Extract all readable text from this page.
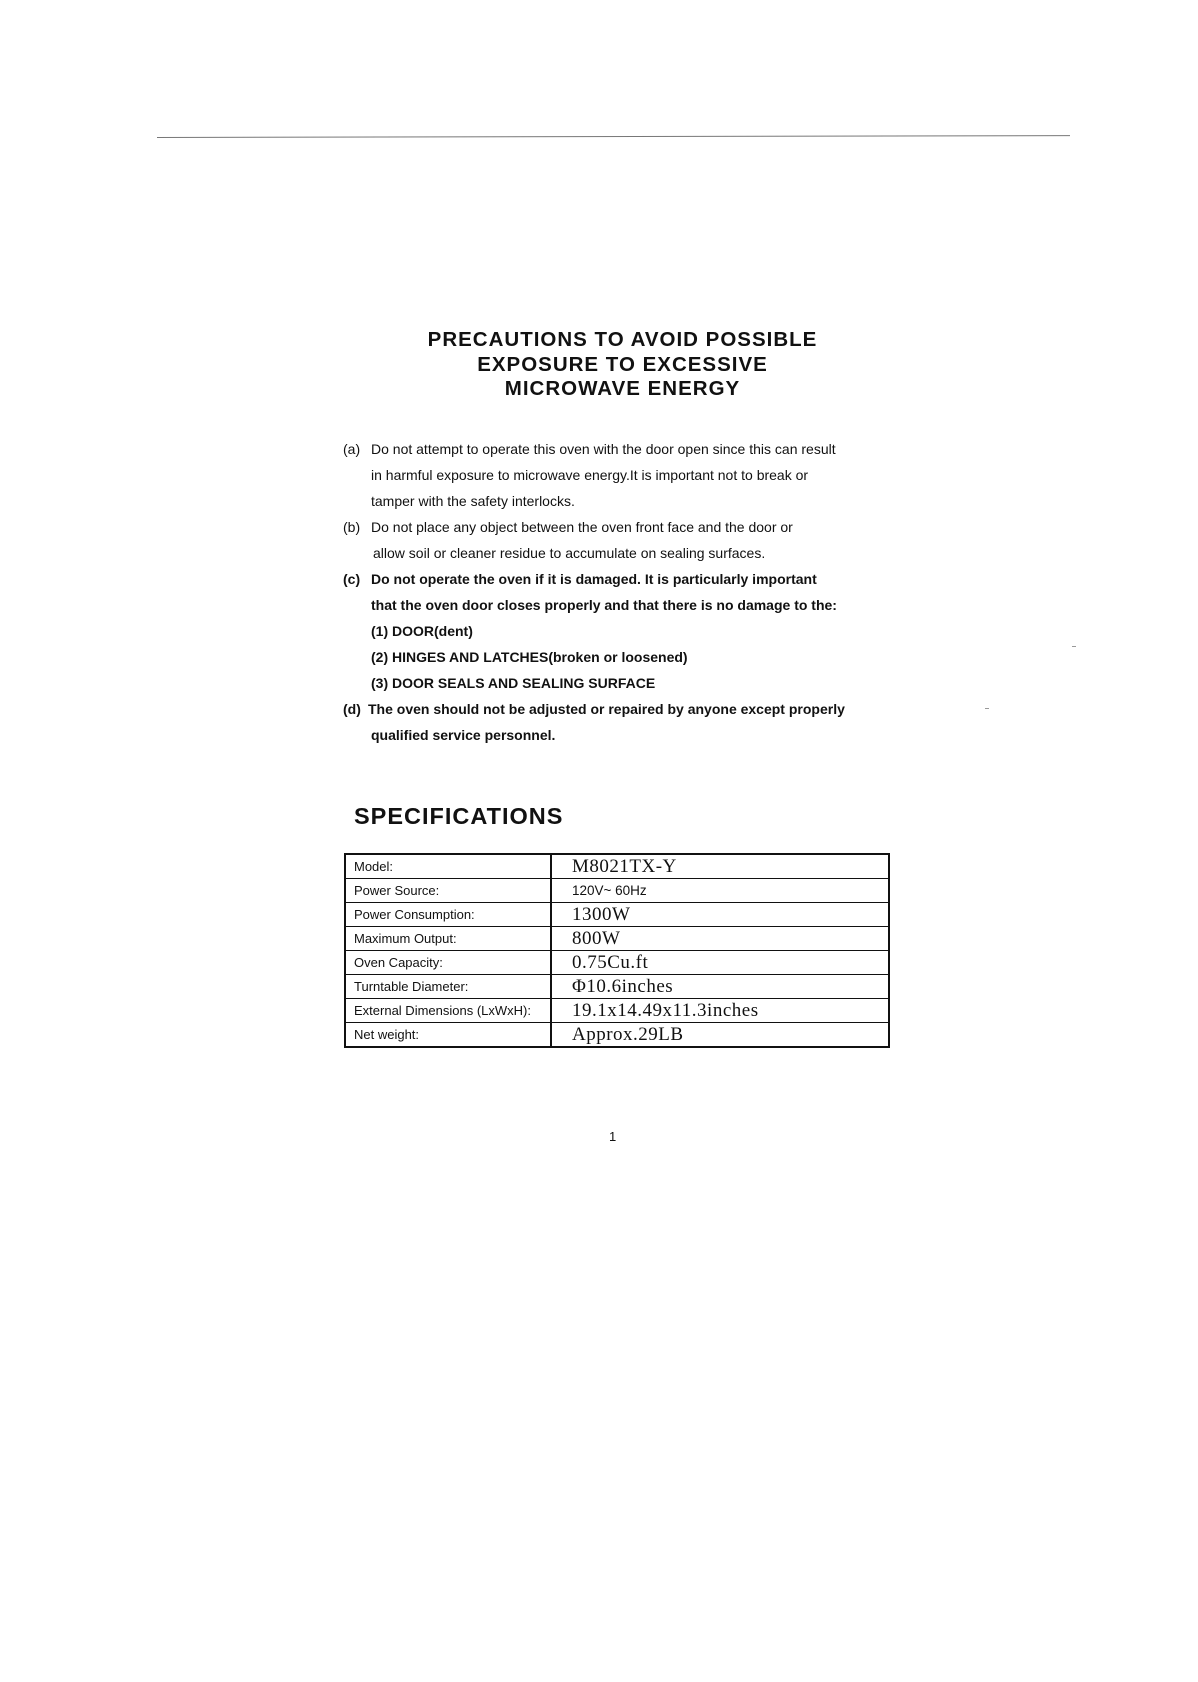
PRECAUTIONS TO AVOID POSSIBLE
EXPOSURE TO EXCESSIVE
MICROWAVE ENERGY
(a) Do not attempt to operate this oven with the door open since this can result
in harmful exposure to microwave energy.It is important not to break or
tamper with the safety interlocks.
(b) Do not place any object between the oven front face and the door or
allow soil or cleaner residue to accumulate on sealing surfaces.
(c) Do not operate the oven if it is damaged. It is particularly important
that the oven door closes properly and that there is no damage to the:
(1) DOOR(dent)
(2) HINGES AND LATCHES(broken or loosened)
(3) DOOR SEALS AND SEALING SURFACE
(d) The oven should not be adjusted or repaired by anyone except properly
qualified service personnel.
SPECIFICATIONS
Model:	M8021TX-Y
Power Source:	120V~ 60Hz
Power Consumption:	1300W
Maximum Output:	800W
Oven Capacity:	0.75Cu.ft
Turntable Diameter:	Φ10.6inches
External Dimensions (LxWxH):	19.1x14.49x11.3inches
Net weight:	Approx.29LB
1
